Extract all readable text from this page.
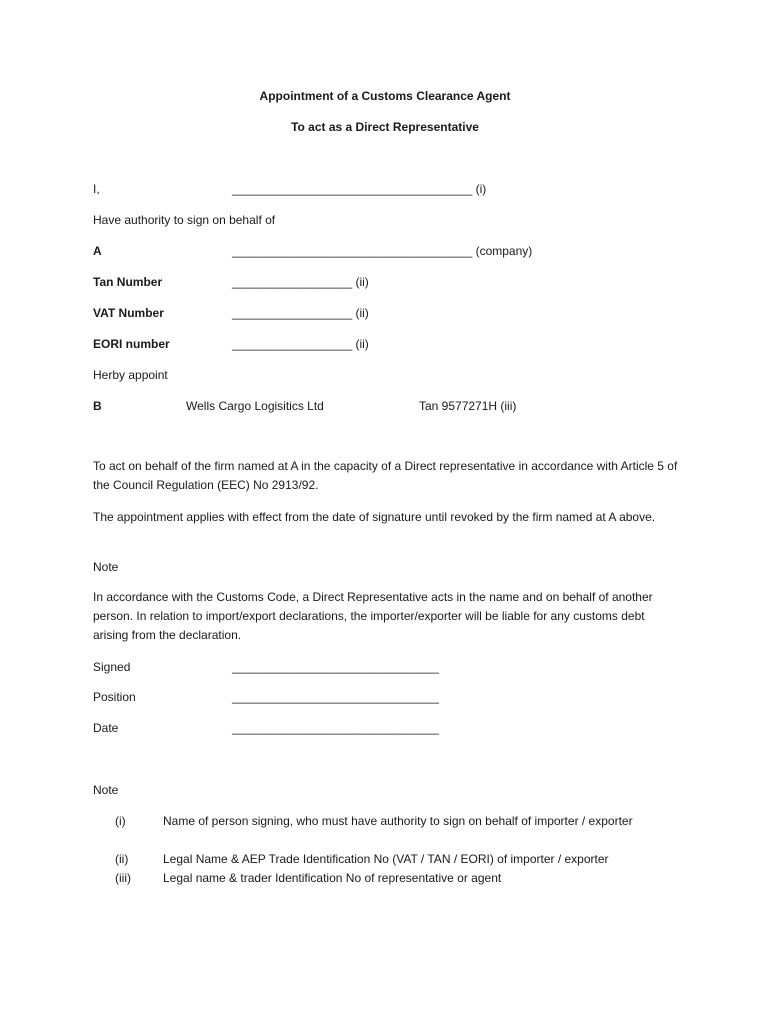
Appointment of a Customs Clearance Agent
To act as a Direct Representative
I,	____________________________________ (i)
Have authority to sign on behalf of
A	____________________________________ (company)
Tan Number	__________________ (ii)
VAT Number	__________________ (ii)
EORI number	__________________ (ii)
Herby appoint
B	Wells Cargo Logisitics Ltd	Tan 9577271H (iii)
To act on behalf of the firm named at A in the capacity of a Direct representative in accordance with Article 5 of the Council Regulation (EEC) No 2913/92.
The appointment applies with effect from the date of signature until revoked by the firm named at A above.
Note
In accordance with the Customs Code, a Direct Representative acts in the name and on behalf of another person. In relation to import/export declarations, the importer/exporter will be liable for any customs debt arising from the declaration.
Signed	_______________________________
Position	_______________________________
Date	_______________________________
Note
(i)	Name of person signing, who must have authority to sign on behalf of importer / exporter
(ii)	Legal Name & AEP Trade Identification No (VAT / TAN / EORI) of importer / exporter
(iii)	Legal name & trader Identification No of representative or agent
